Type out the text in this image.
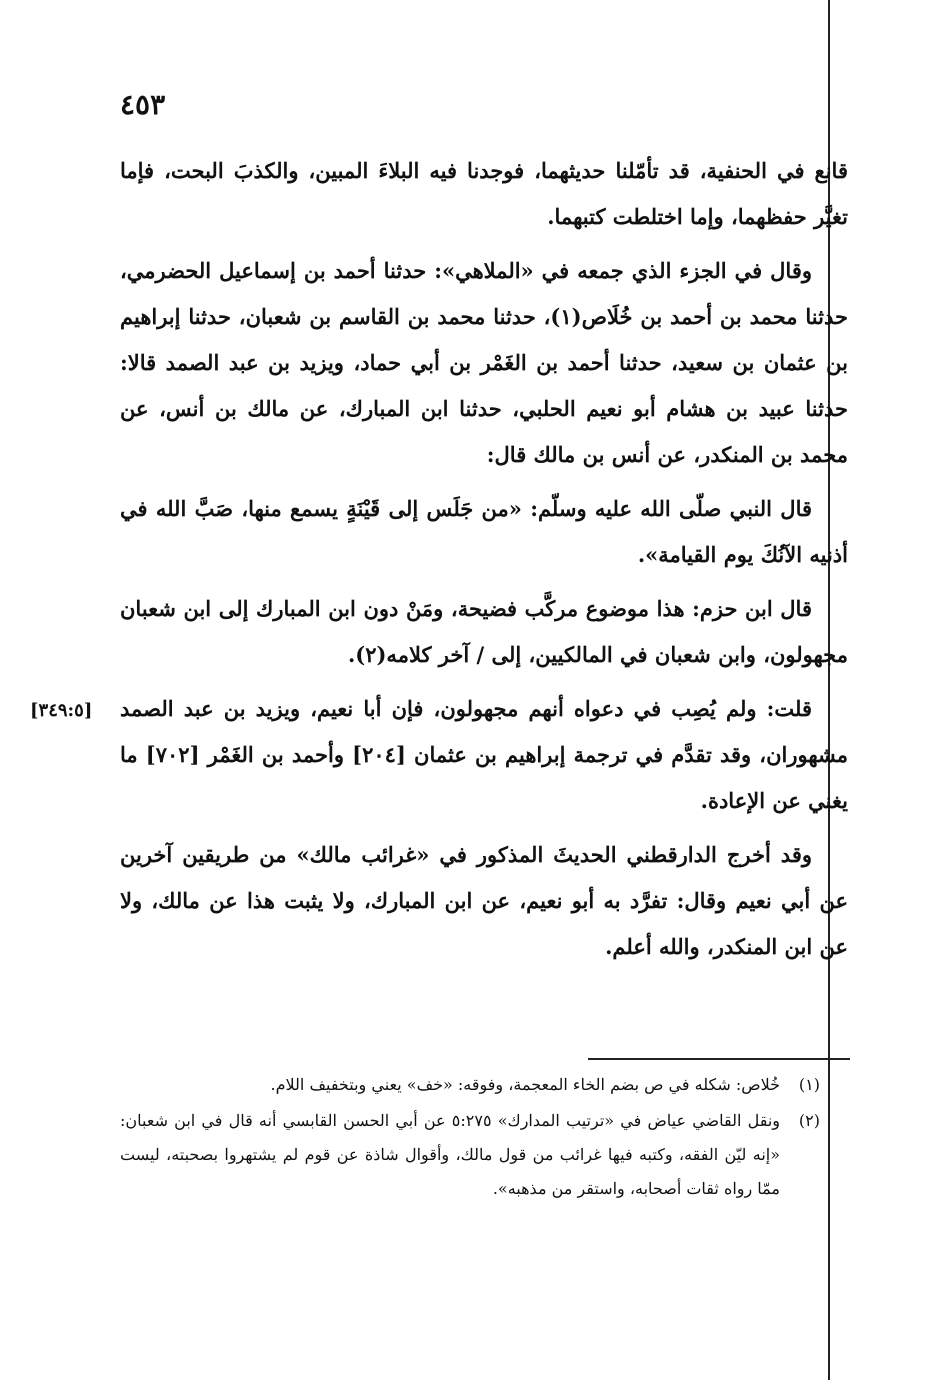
٤٥٣

قانع في الحنفية، قد تأمّلنا حديثهما، فوجدنا فيه البلاءَ المبين، والكذبَ البحت، فإما تغيَّر حفظهما، وإما اختلطت كتبهما.

وقال في الجزء الذي جمعه في «الملاهي»: حدثنا أحمد بن إسماعيل الحضرمي، حدثنا محمد بن أحمد بن خُلَاص(١)، حدثنا محمد بن القاسم بن شعبان، حدثنا إبراهيم بن عثمان بن سعيد، حدثنا أحمد بن الغَمْر بن أبي حماد، ويزيد بن عبد الصمد قالا: حدثنا عبيد بن هشام أبو نعيم الحلبي، حدثنا ابن المبارك، عن مالك بن أنس، عن محمد بن المنكدر، عن أنس بن مالك قال:

قال النبي صلّى الله عليه وسلّم: «من جَلَس إلى قَيْنَةٍ يسمع منها، صَبَّ الله في أذنيه الآنُكَ يوم القيامة».

قال ابن حزم: هذا موضوع مركَّب فضيحة، ومَنْ دون ابن المبارك إلى ابن شعبان مجهولون، وابن شعبان في المالكيين، إلى / آخر كلامه(٢).

قلت: ولم يُصِب في دعواه أنهم مجهولون، فإن أبا نعيم، ويزيد بن عبد الصمد مشهوران، وقد تقدَّم في ترجمة إبراهيم بن عثمان [٢٠٤] وأحمد بن الغَمْر [٧٠٢] ما يغني عن الإعادة.

وقد أخرج الدارقطني الحديثَ المذكور في «غرائب مالك» من طريقين آخرين عن أبي نعيم وقال: تفرَّد به أبو نعيم، عن ابن المبارك، ولا يثبت هذا عن مالك، ولا عن ابن المنكدر، والله أعلم.

[٣٤٩:٥]
(١)
خُلاص: شكله في ص بضم الخاء المعجمة، وفوقه: «خف» يعني وبتخفيف اللام.
(٢)
ونقل القاضي عياض في «ترتيب المدارك» ٥:٢٧٥ عن أبي الحسن القابسي أنه قال في ابن شعبان: «إنه ليّن الفقه، وكتبه فيها غرائب من قول مالك، وأقوال شاذة عن قوم لم يشتهروا بصحبته، ليست ممّا رواه ثقات أصحابه، واستقر من مذهبه».
